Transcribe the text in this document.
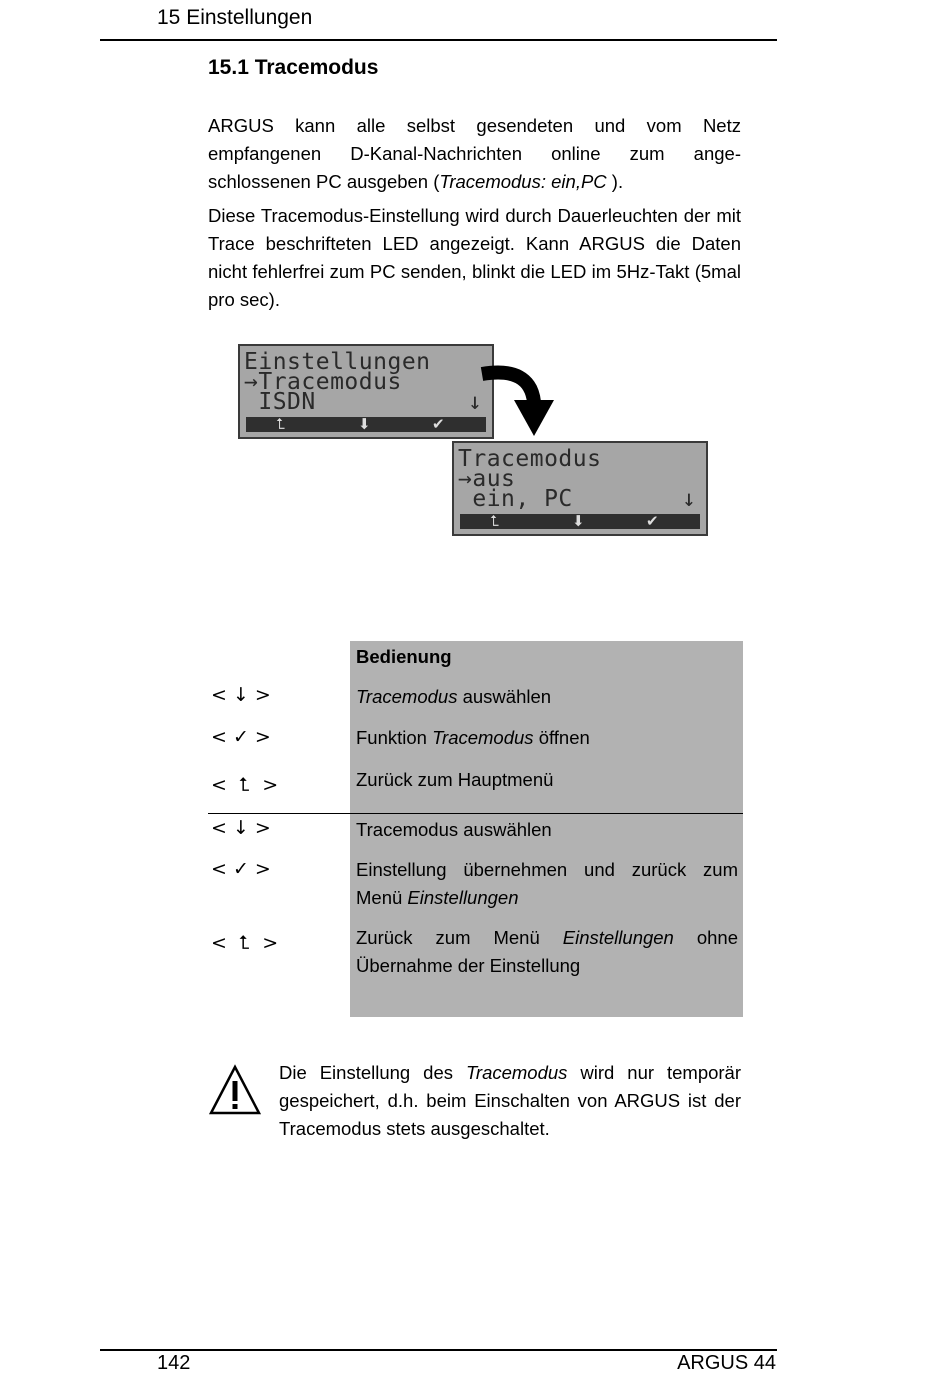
15 Einstellungen
15.1 Tracemodus

ARGUS kann alle selbst gesendeten und vom Netz empfangenen D-Kanal-Nachrichten online zum angeschlossenen PC ausgeben (Tracemodus: ein,PC ).

Diese Tracemodus-Einstellung wird durch Dauerleuchten der mit Trace beschrifteten LED angezeigt. Kann ARGUS die Daten nicht fehlerfrei zum PC senden, blinkt die LED im 5Hz-Takt (5mal pro sec).

Einstellungen
→Tracemodus
ISDN	↓
⮤	⬇	✔
Tracemodus
→aus
ein, PC	↓
⮤	⬇	✔
Bedienung
< ↓ >	Tracemodus auswählen
< ✓ >	Funktion Tracemodus öffnen
<  ⮤  >	Zurück zum Hauptmenü
< ↓ >	Tracemodus auswählen
< ✓ >	Einstellung übernehmen und zurück zum Menü Einstellungen
<  ⮤  >	Zurück zum Menü Einstellungen ohne Übernahme der Einstellung
Die Einstellung des Tracemodus wird nur temporär gespeichert, d.h. beim Einschalten von ARGUS ist der Tracemodus stets ausgeschaltet.
142	ARGUS 44
